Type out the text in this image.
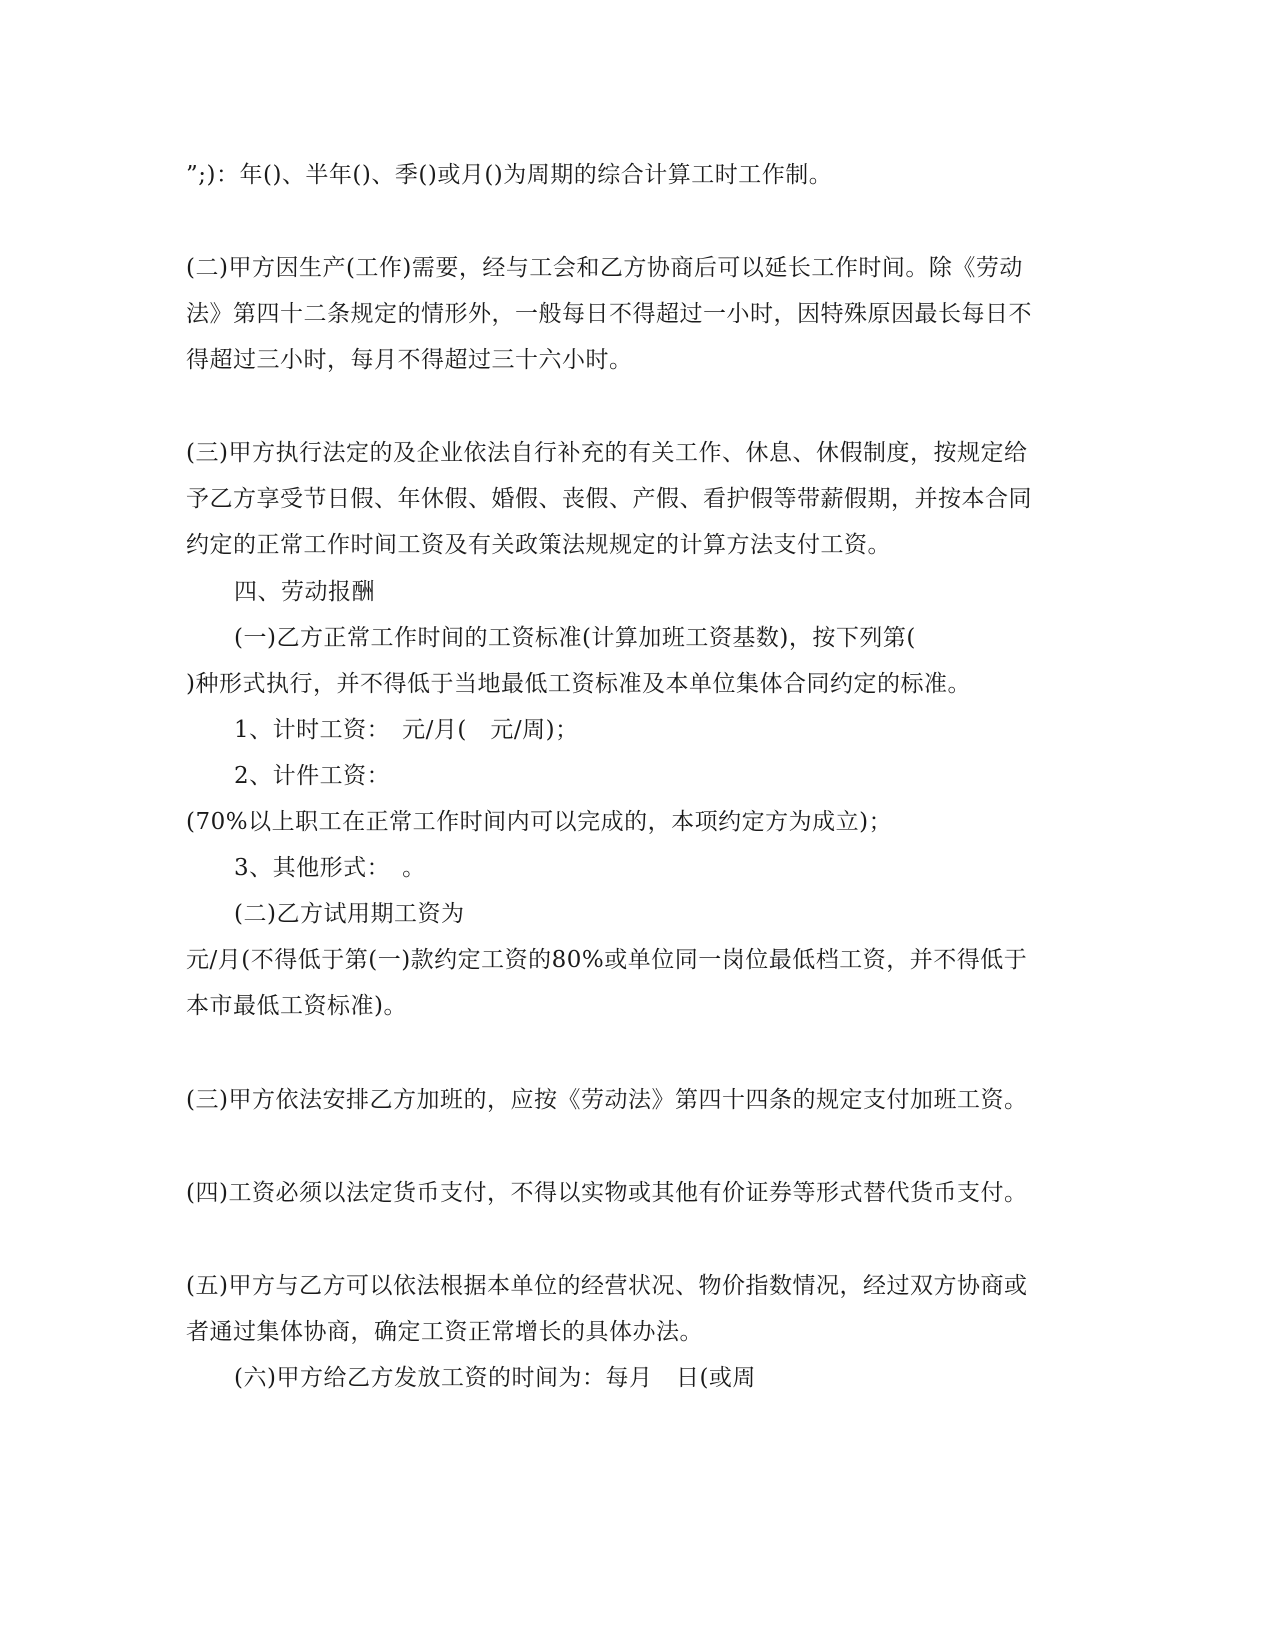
”;)：年()、半年()、季()或月()为周期的综合计算工时工作制。
(二)甲方因生产(工作)需要，经与工会和乙方协商后可以延长工作时间。除《劳动
法》第四十二条规定的情形外，一般每日不得超过一小时，因特殊原因最长每日不
得超过三小时，每月不得超过三十六小时。
(三)甲方执行法定的及企业依法自行补充的有关工作、休息、休假制度，按规定给
予乙方享受节日假、年休假、婚假、丧假、产假、看护假等带薪假期，并按本合同
约定的正常工作时间工资及有关政策法规规定的计算方法支付工资。
四、劳动报酬
(一)乙方正常工作时间的工资标准(计算加班工资基数)，按下列第(
)种形式执行，并不得低于当地最低工资标准及本单位集体合同约定的标准。
1、计时工资：　元/月(　元/周)；
2、计件工资：
(70%以上职工在正常工作时间内可以完成的，本项约定方为成立)；
3、其他形式：　。
(二)乙方试用期工资为
元/月(不得低于第(一)款约定工资的80%或单位同一岗位最低档工资，并不得低于
本市最低工资标准)。
(三)甲方依法安排乙方加班的，应按《劳动法》第四十四条的规定支付加班工资。
(四)工资必须以法定货币支付，不得以实物或其他有价证券等形式替代货币支付。
(五)甲方与乙方可以依法根据本单位的经营状况、物价指数情况，经过双方协商或
者通过集体协商，确定工资正常增长的具体办法。
(六)甲方给乙方发放工资的时间为：每月　日(或周
